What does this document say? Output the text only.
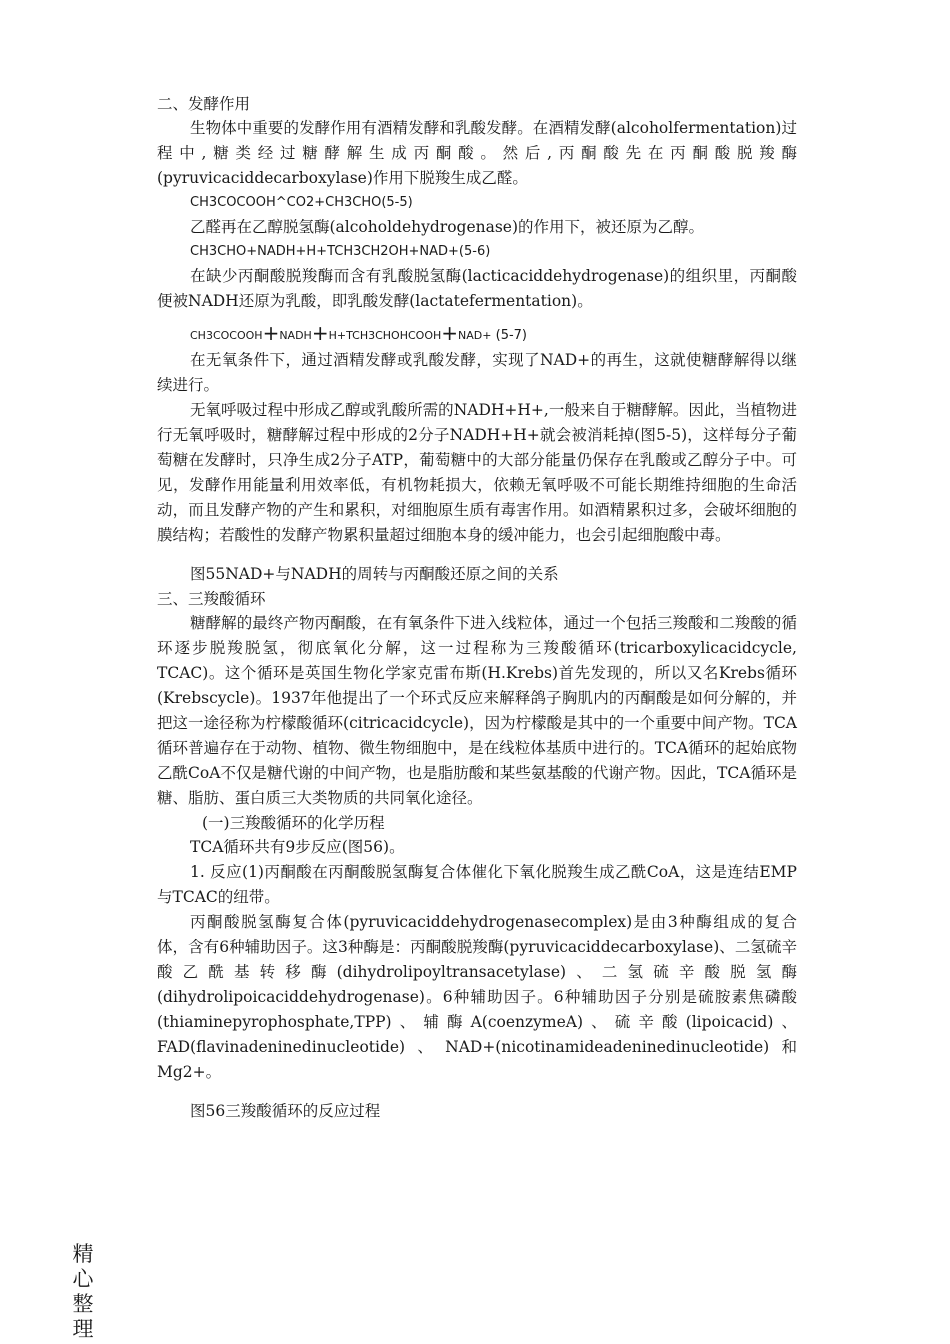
二、发酵作用

生物体中重要的发酵作用有酒精发酵和乳酸发酵。在酒精发酵(alcoholfermentation)过程中,糖类经过糖酵解生成丙酮酸。然后,丙酮酸先在丙酮酸脱羧酶(pyruvicaciddecarboxylase)作用下脱羧生成乙醛。

CH3COCOOH^CO2+CH3CHO(5-5)

乙醛再在乙醇脱氢酶(alcoholdehydrogenase)的作用下，被还原为乙醇。

CH3CHO+NADH+H+TCH3CH2OH+NAD+(5-6)

在缺少丙酮酸脱羧酶而含有乳酸脱氢酶(lacticaciddehydrogenase)的组织里，丙酮酸便被NADH还原为乳酸，即乳酸发酵(lactatefermentation)。

CH3COCOOH+NADH+H+TCH3CHOHCOOH+NAD+ (5-7)

在无氧条件下，通过酒精发酵或乳酸发酵，实现了NAD+的再生，这就使糖酵解得以继续进行。

无氧呼吸过程中形成乙醇或乳酸所需的NADH+H+,一般来自于糖酵解。因此，当植物进行无氧呼吸时，糖酵解过程中形成的2分子NADH+H+就会被消耗掉(图5-5)，这样每分子葡萄糖在发酵时，只净生成2分子ATP，葡萄糖中的大部分能量仍保存在乳酸或乙醇分子中。可见，发酵作用能量利用效率低，有机物耗损大，依赖无氧呼吸不可能长期维持细胞的生命活动，而且发酵产物的产生和累积，对细胞原生质有毒害作用。如酒精累积过多，会破坏细胞的膜结构；若酸性的发酵产物累积量超过细胞本身的缓冲能力，也会引起细胞酸中毒。

图55NAD+与NADH的周转与丙酮酸还原之间的关系

三、三羧酸循环

糖酵解的最终产物丙酮酸，在有氧条件下进入线粒体，通过一个包括三羧酸和二羧酸的循环逐步脱羧脱氢，彻底氧化分解，这一过程称为三羧酸循环(tricarboxylicacidcycle, TCAC)。这个循环是英国生物化学家克雷布斯(H.Krebs)首先发现的，所以又名Krebs循环(Krebscycle)。1937年他提出了一个环式反应来解释鸽子胸肌内的丙酮酸是如何分解的，并把这一途径称为柠檬酸循环(citricacidcycle)，因为柠檬酸是其中的一个重要中间产物。TCA循环普遍存在于动物、植物、微生物细胞中，是在线粒体基质中进行的。TCA循环的起始底物乙酰CoA不仅是糖代谢的中间产物，也是脂肪酸和某些氨基酸的代谢产物。因此，TCA循环是糖、脂肪、蛋白质三大类物质的共同氧化途径。

(一)三羧酸循环的化学历程

TCA循环共有9步反应(图56)。

1. 反应(1)丙酮酸在丙酮酸脱氢酶复合体催化下氧化脱羧生成乙酰CoA，这是连结EMP与TCAC的纽带。

丙酮酸脱氢酶复合体(pyruvicaciddehydrogenasecomplex)是由3种酶组成的复合体，含有6种辅助因子。这3种酶是：丙酮酸脱羧酶(pyruvicaciddecarboxylase)、二氢硫辛酸乙酰基转移酶(dihydrolipoyltransacetylase)、二氢硫辛酸脱氢酶(dihydrolipoicaciddehydrogenase)。6种辅助因子。6种辅助因子分别是硫胺素焦磷酸(thiaminepyrophosphate,TPP)、辅酶A(coenzymeA)、硫辛酸(lipoicacid)、FAD(flavinadeninedinucleotide)、NAD+(nicotinamideadeninedinucleotide)和Mg2+。

图56三羧酸循环的反应过程

精
心
整
理
